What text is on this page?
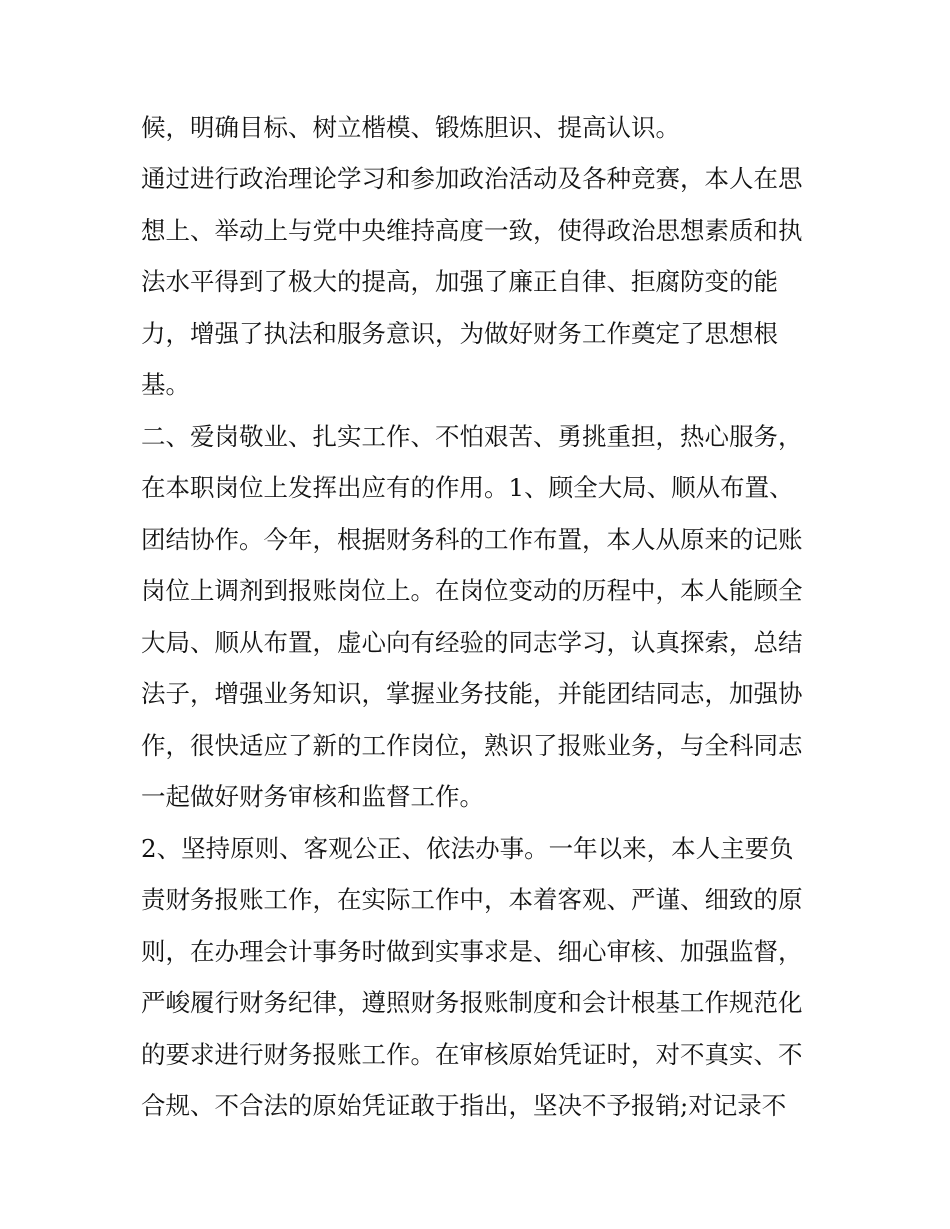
候，明确目标、树立楷模、锻炼胆识、提高认识。
通过进行政治理论学习和参加政治活动及各种竞赛，本人在思
想上、举动上与党中央维持高度一致，使得政治思想素质和执
法水平得到了极大的提高，加强了廉正自律、拒腐防变的能
力，增强了执法和服务意识，为做好财务工作奠定了思想根
基。
二、爱岗敬业、扎实工作、不怕艰苦、勇挑重担，热心服务，
在本职岗位上发挥出应有的作用。1、顾全大局、顺从布置、
团结协作。今年，根据财务科的工作布置，本人从原来的记账
岗位上调剂到报账岗位上。在岗位变动的历程中，本人能顾全
大局、顺从布置，虚心向有经验的同志学习，认真探索，总结
法子，增强业务知识，掌握业务技能，并能团结同志，加强协
作，很快适应了新的工作岗位，熟识了报账业务，与全科同志
一起做好财务审核和监督工作。
2、坚持原则、客观公正、依法办事。一年以来，本人主要负
责财务报账工作，在实际工作中，本着客观、严谨、细致的原
则，在办理会计事务时做到实事求是、细心审核、加强监督，
严峻履行财务纪律，遵照财务报账制度和会计根基工作规范化
的要求进行财务报账工作。在审核原始凭证时，对不真实、不
合规、不合法的原始凭证敢于指出，坚决不予报销;对记录不
